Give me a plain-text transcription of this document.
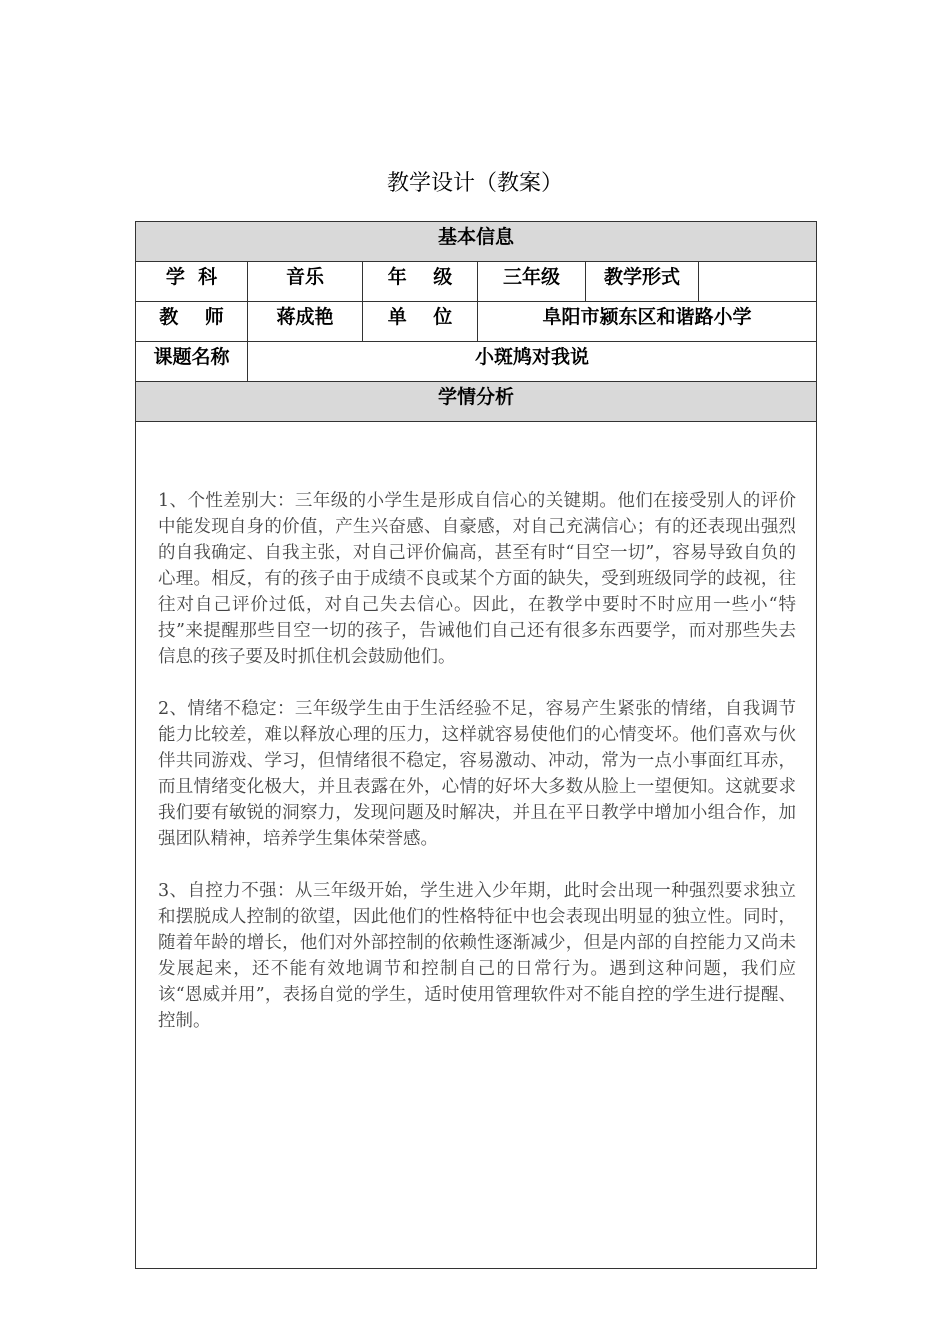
教学设计（教案）
基本信息					
学  科	音乐	年    级	三年级	教学形式	
教    师	蒋成艳	单    位	阜阳市颍东区和谐路小学		
课题名称	小斑鸠对我说				
学情分析					

1、个性差别大：三年级的小学生是形成自信心的关键期。他们在接受别人的评价中能发现自身的价值，产生兴奋感、自豪感，对自己充满信心；有的还表现出强烈的自我确定、自我主张，对自己评价偏高，甚至有时“目空一切”，容易导致自负的心理。相反，有的孩子由于成绩不良或某个方面的缺失，受到班级同学的歧视，往往对自己评价过低，对自己失去信心。因此，在教学中要时不时应用一些小“特技”来提醒那些目空一切的孩子，告诫他们自己还有很多东西要学，而对那些失去信息的孩子要及时抓住机会鼓励他们。

2、情绪不稳定：三年级学生由于生活经验不足，容易产生紧张的情绪，自我调节能力比较差，难以释放心理的压力，这样就容易使他们的心情变坏。他们喜欢与伙伴共同游戏、学习，但情绪很不稳定，容易激动、冲动，常为一点小事面红耳赤，而且情绪变化极大，并且表露在外，心情的好坏大多数从脸上一望便知。这就要求我们要有敏锐的洞察力，发现问题及时解决，并且在平日教学中增加小组合作，加强团队精神，培养学生集体荣誉感。

3、自控力不强：从三年级开始，学生进入少年期，此时会出现一种强烈要求独立和摆脱成人控制的欲望，因此他们的性格特征中也会表现出明显的独立性。同时，随着年龄的增长，他们对外部控制的依赖性逐渐减少，但是内部的自控能力又尚未发展起来，还不能有效地调节和控制自己的日常行为。遇到这种问题，我们应该“恩威并用”，表扬自觉的学生，适时使用管理软件对不能自控的学生进行提醒、控制。					
